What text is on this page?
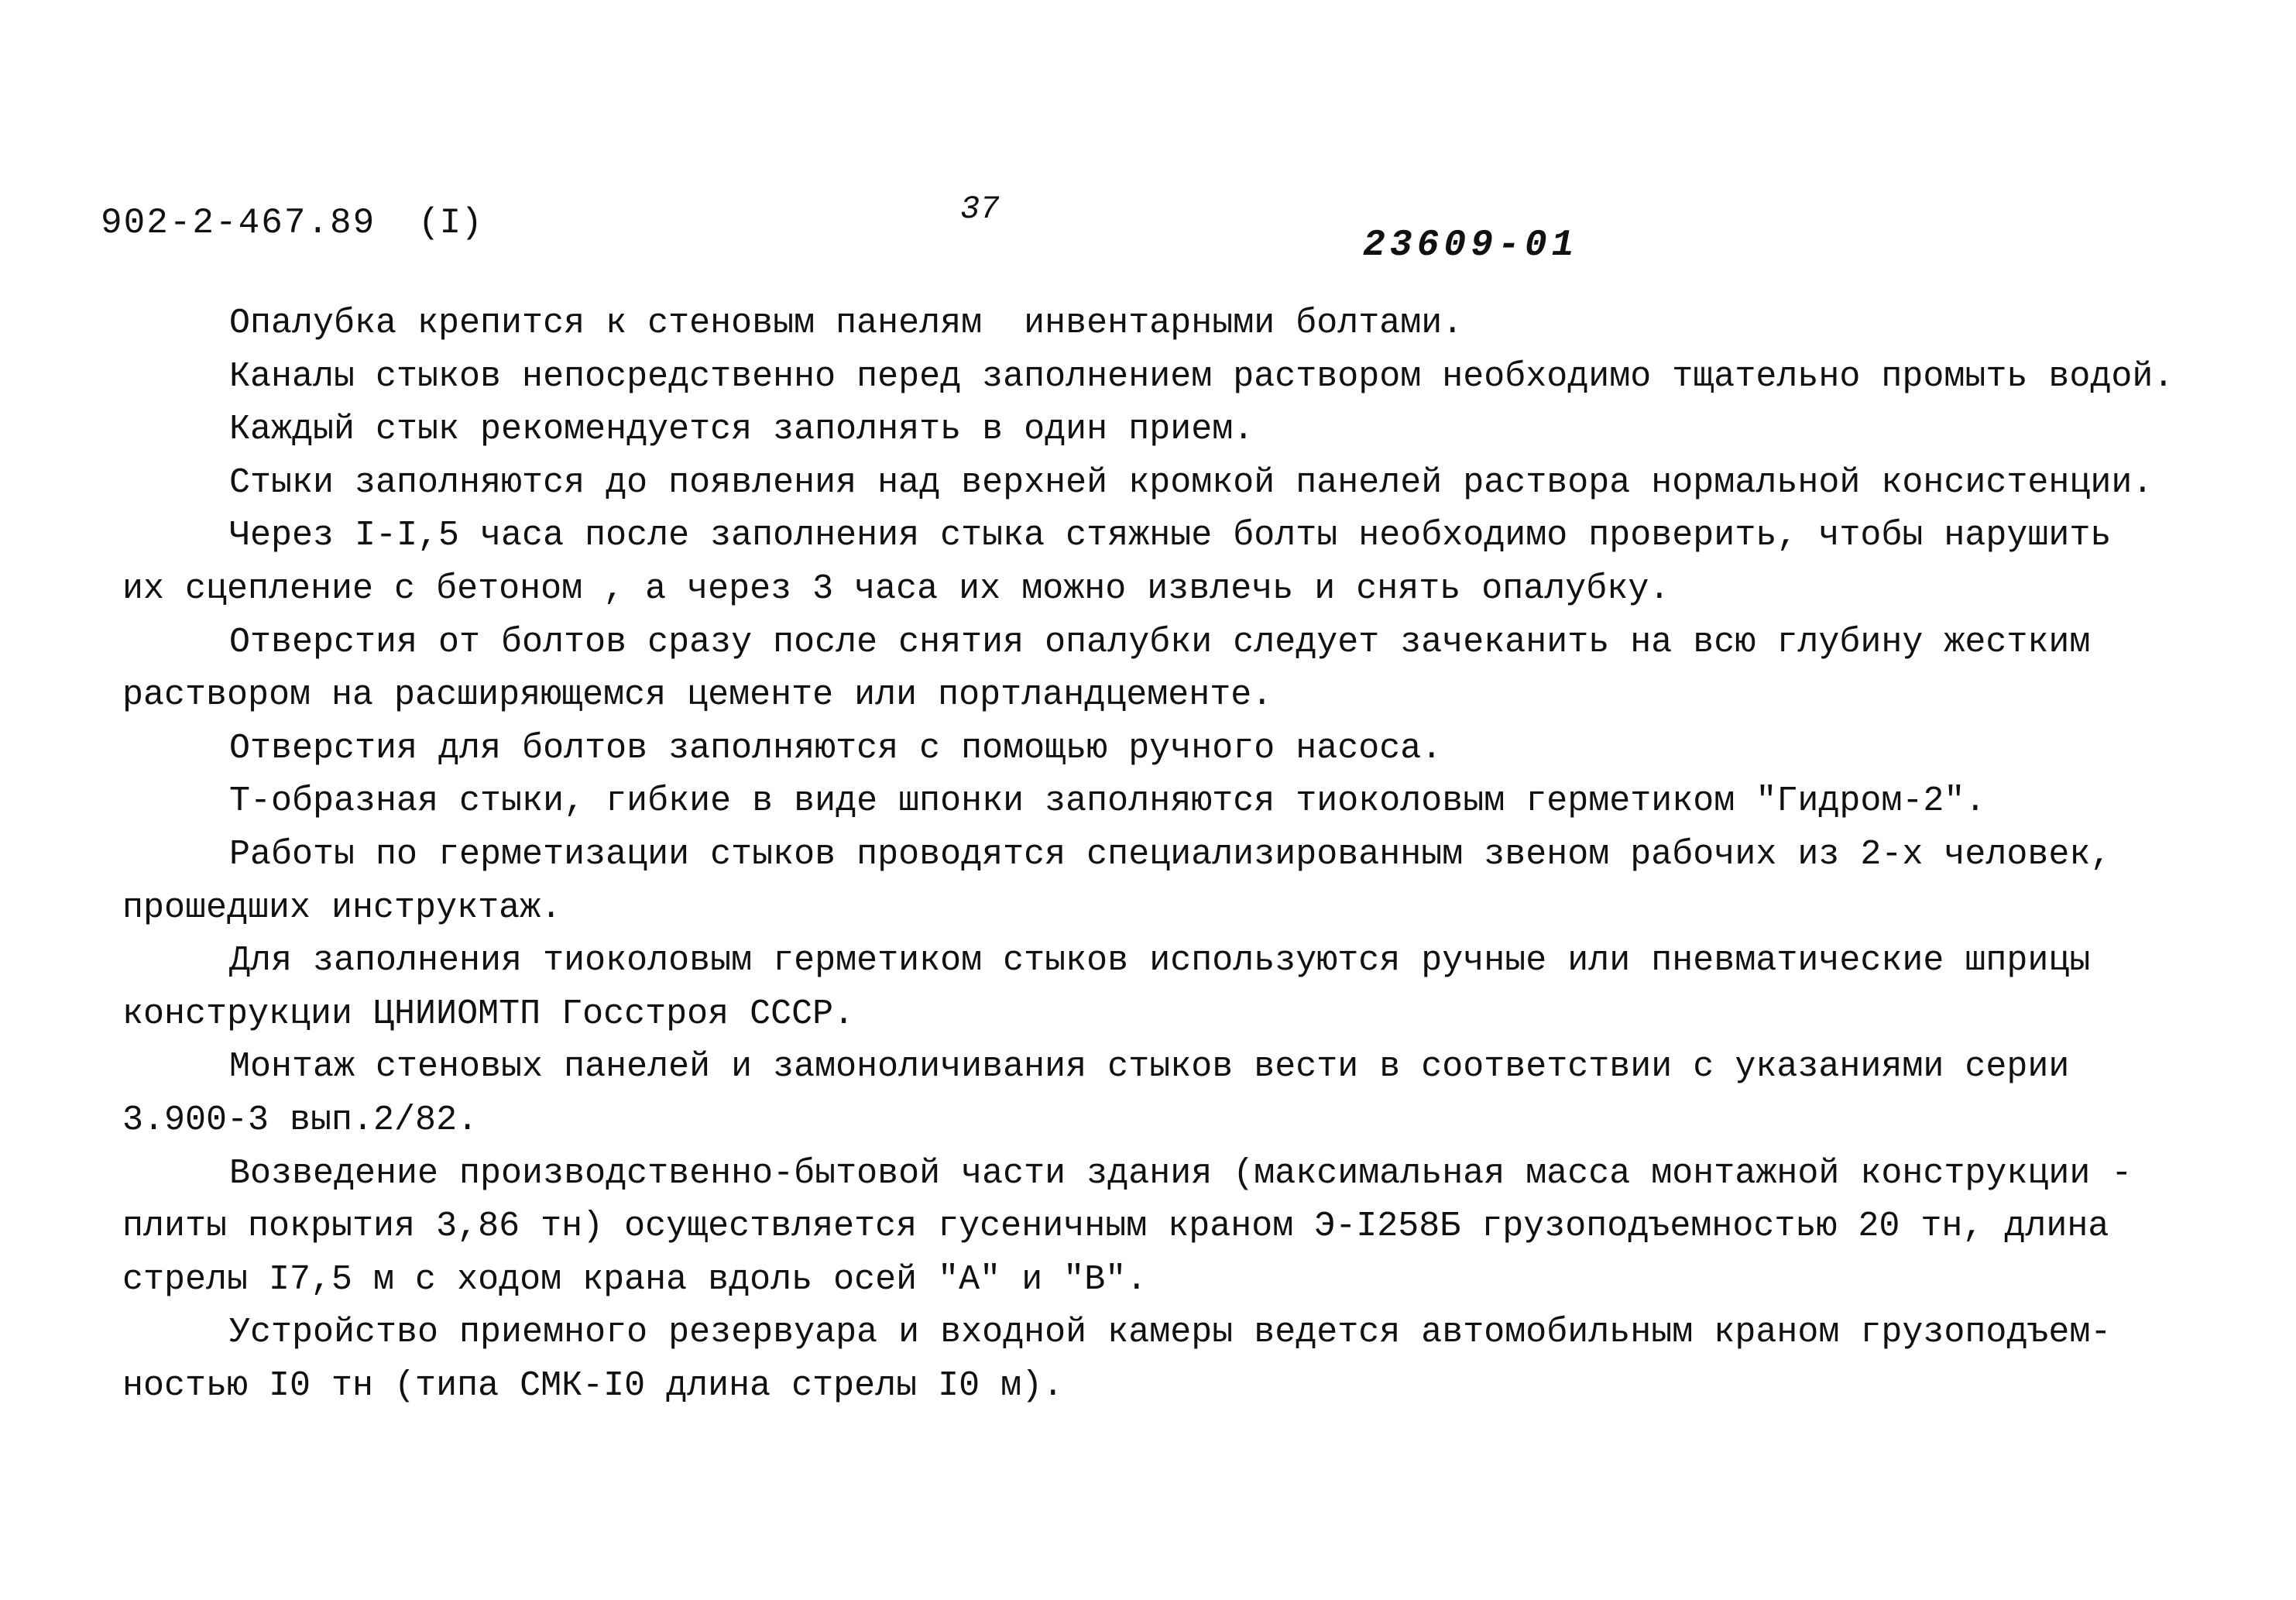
902-2-467.89 (I)	37
23609-01
Опалубка крепится к стеновым панелям  инвентарными болтами.
Каналы стыков непосредственно перед заполнением раствором необходимо тщательно промыть водой.
Каждый стык рекомендуется заполнять в один прием.
Стыки заполняются до появления над верхней кромкой панелей раствора нормальной консистенции.
Через I-I,5 часа после заполнения стыка стяжные болты необходимо проверить, чтобы нарушить
их сцепление с бетоном , а через 3 часа их можно извлечь и снять опалубку.
Отверстия от болтов сразу после снятия опалубки следует зачеканить на всю глубину жестким
раствором на расширяющемся цементе или портландцементе.
Отверстия для болтов заполняются с помощью ручного насоса.
Т-образная стыки, гибкие в виде шпонки заполняются тиоколовым герметиком "Гидром-2".
Работы по герметизации стыков проводятся специализированным звеном рабочих из 2-х человек,
прошедших инструктаж.
Для заполнения тиоколовым герметиком стыков используются ручные или пневматические шприцы
конструкции ЦНИИОМТП Госстроя СССР.
Монтаж стеновых панелей и замоноличивания стыков вести в соответствии с указаниями серии
3.900-3 вып.2/82.
Возведение производственно-бытовой части здания (максимальная масса монтажной конструкции -
плиты покрытия 3,86 тн) осуществляется гусеничным краном Э-I258Б грузоподъемностью 20 тн, длина
стрелы I7,5 м с ходом крана вдоль осей "А" и "В".
Устройство приемного резервуара и входной камеры ведется автомобильным краном грузоподъем-
ностью I0 тн (типа СМК-I0 длина стрелы I0 м).
